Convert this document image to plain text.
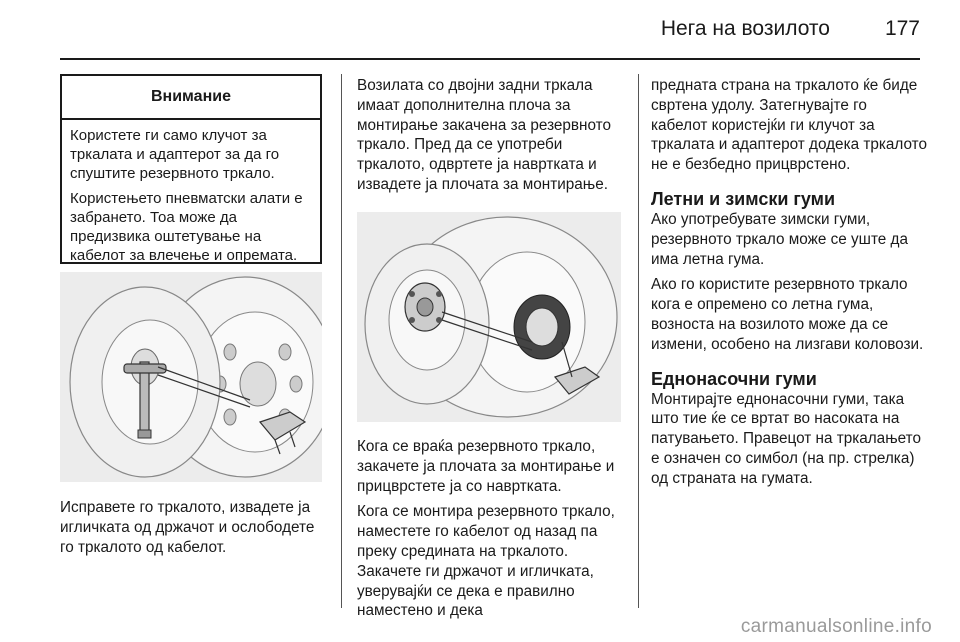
Нега на возилото	177
Внимание

Користете ги само клучот за тркалата и адаптерот за да го спуштите резервното тркало.

Користењето пневматски алати е забрането. Тоа може да предизвика оштетување на кабелот за влечење и опремата.

Исправете го тркалото, извадете ја игличката од држачот и ослободете го тркалото од кабелот.

Возилата со двојни задни тркала имаат дополнителна плоча за монтирање закачена за резервното тркало. Пред да се употреби тркалото, одвртете ја навртката и извадете ја плочата за монтирање.

Кога се враќа резервното тркало, закачете ја плочата за монтирање и прицврстете ја со навртката.

Кога се монтира резервното тркало, наместете го кабелот од назад па преку средината на тркалото. Закачете ги држачот и игличката, уверувајќи се дека е правилно наместено и дека

предната страна на тркалото ќе биде свртена удолу. Затегнувајте го кабелот користејќи ги клучот за тркалата и адаптерот додека тркалото не е безбедно прицврстено.

Летни и зимски гуми

Ако употребувате зимски гуми, резервното тркало може се уште да има летна гума.

Ако го користите резервното тркало кога е опремено со летна гума, возноста на возилото може да се измени, особено на лизгави коловози.

Еднонасочни гуми

Монтирајте еднонасочни гуми, така што тие ќе се вртат во насоката на патувањето. Правецот на тркалањето е означен со симбол (на пр. стрелка) од страната на гумата.

carmanualsonline.info
